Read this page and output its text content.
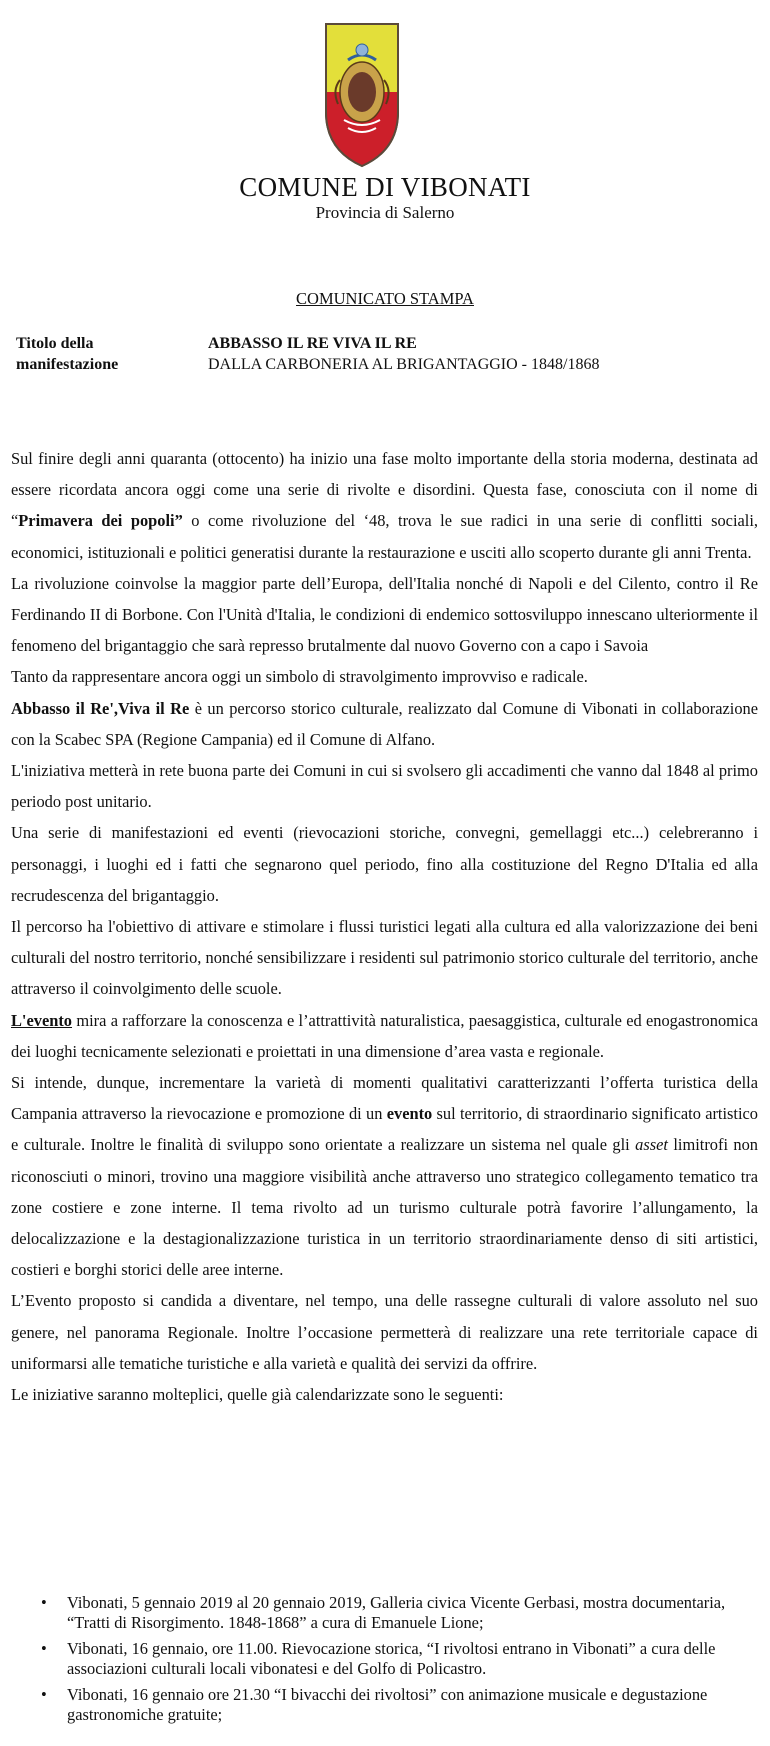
COMUNE DI VIBONATI
Provincia di Salerno
COMUNICATO STAMPA
Titolo della manifestazione
ABBASSO IL RE VIVA IL RE
DALLA CARBONERIA AL BRIGANTAGGIO - 1848/1868

Sul finire degli anni quaranta (ottocento) ha inizio una fase molto importante della storia moderna, destinata ad essere ricordata ancora oggi come una serie di rivolte e disordini. Questa fase, conosciuta con il nome di “Primavera dei popoli” o come rivoluzione del ‘48, trova le sue radici in una serie di conflitti sociali, economici, istituzionali e politici generatisi durante la restaurazione e usciti allo scoperto durante gli anni Trenta.

La rivoluzione coinvolse la maggior parte dell’Europa, dell'Italia nonché di Napoli e del Cilento, contro il Re Ferdinando II di Borbone. Con l'Unità d'Italia, le condizioni di endemico sottosviluppo innescano ulteriormente il fenomeno del brigantaggio che sarà represso brutalmente dal nuovo Governo con a capo i Savoia

Tanto da rappresentare ancora oggi un simbolo di stravolgimento improvviso e radicale.

Abbasso il Re',Viva il Re è un percorso storico culturale, realizzato dal Comune di Vibonati in collaborazione con la Scabec SPA (Regione Campania) ed il Comune di Alfano.

L'iniziativa metterà in rete buona parte dei Comuni in cui si svolsero gli accadimenti che vanno dal 1848 al primo periodo post unitario.

Una serie di manifestazioni ed eventi (rievocazioni storiche, convegni, gemellaggi etc...) celebreranno i personaggi, i luoghi ed i fatti che segnarono quel periodo, fino alla costituzione del Regno D'Italia ed alla recrudescenza del brigantaggio.

Il percorso ha l'obiettivo di attivare e stimolare i flussi turistici legati alla cultura ed alla valorizzazione dei beni culturali del nostro territorio, nonché sensibilizzare i residenti sul patrimonio storico culturale del territorio, anche attraverso il coinvolgimento delle scuole.

L'evento mira a rafforzare la conoscenza e l’attrattività naturalistica, paesaggistica, culturale ed enogastronomica dei luoghi tecnicamente selezionati e proiettati in una dimensione d’area vasta e regionale.

Si intende, dunque, incrementare la varietà di momenti qualitativi caratterizzanti l’offerta turistica della Campania attraverso la rievocazione e promozione di un evento sul territorio, di straordinario significato artistico e culturale. Inoltre le finalità di sviluppo sono orientate a realizzare un sistema nel quale gli asset limitrofi non riconosciuti o minori, trovino una maggiore visibilità anche attraverso uno strategico collegamento tematico tra zone costiere e zone interne. Il tema rivolto ad un turismo culturale potrà favorire l’allungamento, la delocalizzazione e la destagionalizzazione turistica in un territorio straordinariamente denso di siti artistici, costieri e borghi storici delle aree interne.

L’Evento proposto si candida a diventare, nel tempo, una delle rassegne culturali di valore assoluto nel suo genere, nel panorama Regionale. Inoltre l’occasione permetterà di realizzare una rete territoriale capace di uniformarsi alle tematiche turistiche e alla varietà e qualità dei servizi da offrire.

Le iniziative saranno molteplici, quelle già calendarizzate sono le seguenti:

• Vibonati, 5 gennaio 2019 al 20 gennaio 2019, Galleria civica Vicente Gerbasi, mostra documentaria, “Tratti di Risorgimento. 1848-1868” a cura di Emanuele Lione;
• Vibonati, 16 gennaio, ore 11.00. Rievocazione storica, “I rivoltosi entrano in Vibonati” a cura delle associazioni culturali locali vibonatesi e del Golfo di Policastro.
• Vibonati, 16 gennaio ore 21.30 “I bivacchi dei rivoltosi” con animazione musicale e degustazione gastronomiche gratuite;
